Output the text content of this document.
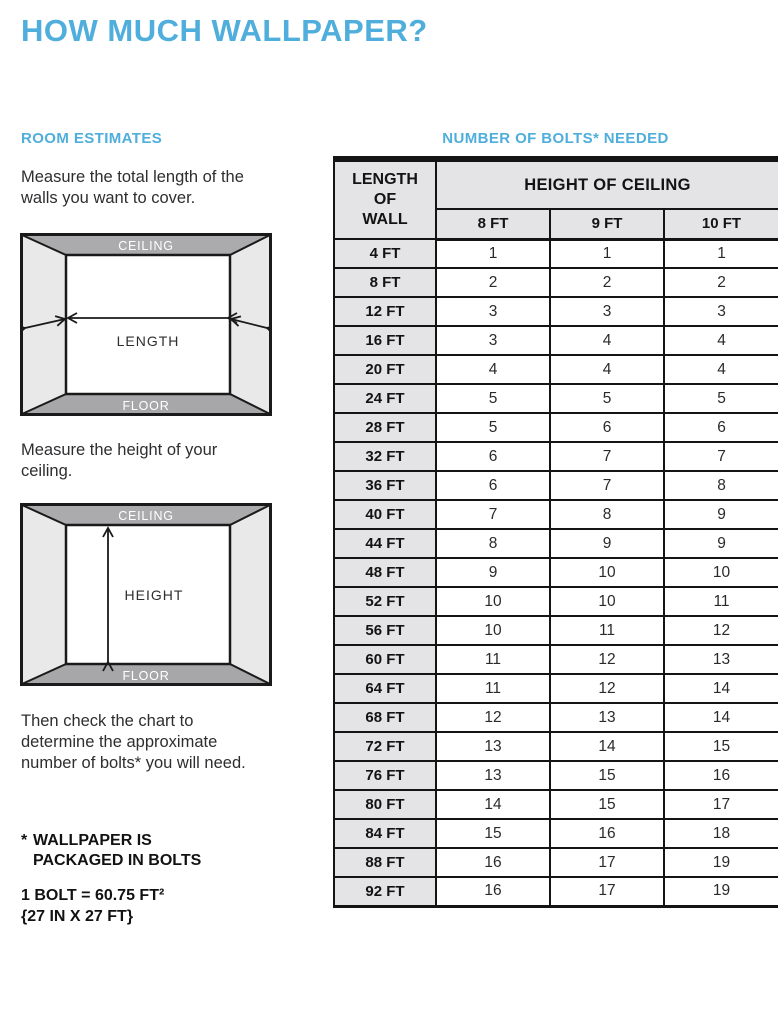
HOW MUCH WALLPAPER?
ROOM ESTIMATES	NUMBER OF BOLTS* NEEDED
Measure the total length of the walls you want to cover.
CEILING
FLOOR
LENGTH
Measure the height of your ceiling.
CEILING
FLOOR
HEIGHT
Then check the chart to determine the approximate number of bolts* you will need.
* WALLPAPER IS PACKAGED IN BOLTS
1 BOLT = 60.75 FT²
{27 IN X 27 FT}
LENGTH OF WALL	HEIGHT OF CEILING		
	8 FT	9 FT	10 FT
4 FT	1	1	1
8 FT	2	2	2
12 FT	3	3	3
16 FT	3	4	4
20 FT	4	4	4
24 FT	5	5	5
28 FT	5	6	6
32 FT	6	7	7
36 FT	6	7	8
40 FT	7	8	9
44 FT	8	9	9
48 FT	9	10	10
52 FT	10	10	11
56 FT	10	11	12
60 FT	11	12	13
64 FT	11	12	14
68 FT	12	13	14
72 FT	13	14	15
76 FT	13	15	16
80 FT	14	15	17
84 FT	15	16	18
88 FT	16	17	19
92 FT	16	17	19
